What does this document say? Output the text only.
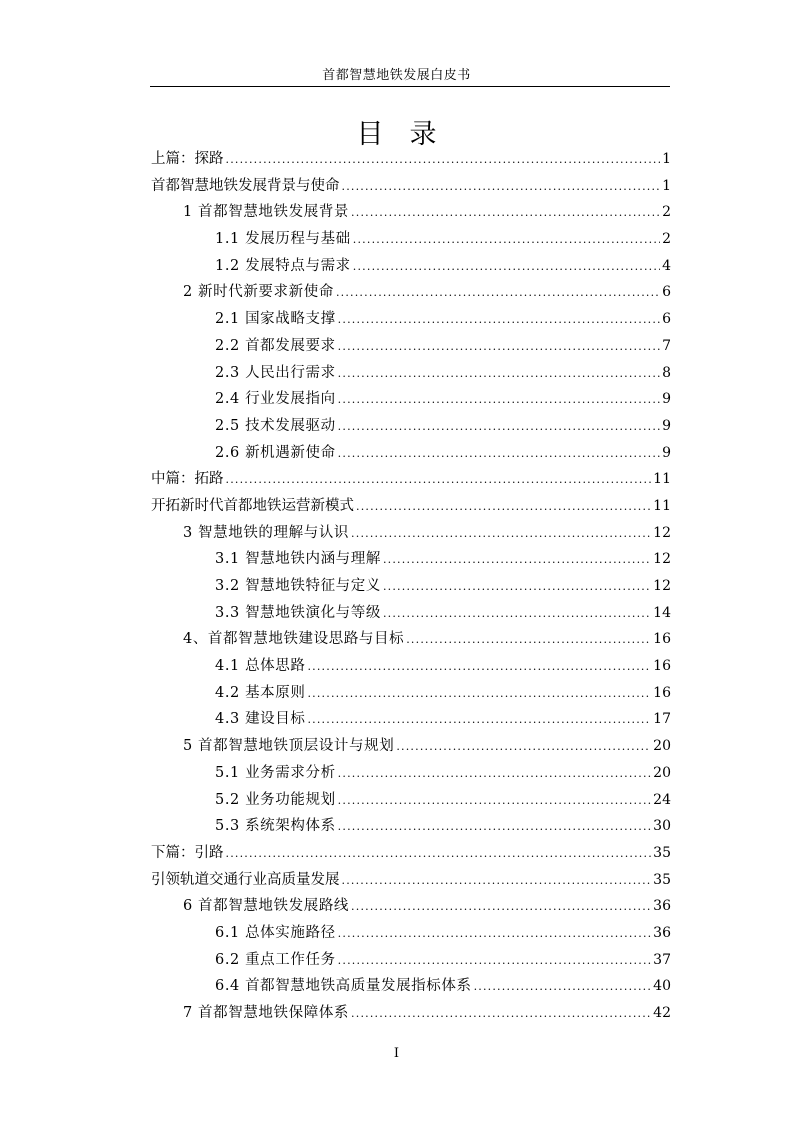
首都智慧地铁发展白皮书
目录
上篇：探路 .....	1
首都智慧地铁发展背景与使命 .....	1
1 首都智慧地铁发展背景 .....	2
1.1 发展历程与基础 .....	2
1.2 发展特点与需求 .....	4
2 新时代新要求新使命 .....	6
2.1 国家战略支撑 .....	6
2.2 首都发展要求 .....	7
2.3 人民出行需求 .....	8
2.4 行业发展指向 .....	9
2.5 技术发展驱动 .....	9
2.6 新机遇新使命 .....	9
中篇：拓路 .....	11
开拓新时代首都地铁运营新模式 .....	11
3 智慧地铁的理解与认识 .....	12
3.1 智慧地铁内涵与理解 .....	12
3.2 智慧地铁特征与定义 .....	12
3.3 智慧地铁演化与等级 .....	14
4、首都智慧地铁建设思路与目标 .....	16
4.1 总体思路 .....	16
4.2 基本原则 .....	16
4.3 建设目标 .....	17
5 首都智慧地铁顶层设计与规划 .....	20
5.1 业务需求分析 .....	20
5.2 业务功能规划 .....	24
5.3 系统架构体系 .....	30
下篇：引路 .....	35
引领轨道交通行业高质量发展 .....	35
6 首都智慧地铁发展路线 .....	36
6.1 总体实施路径 .....	36
6.2 重点工作任务 .....	37
6.4 首都智慧地铁高质量发展指标体系 .....	40
7 首都智慧地铁保障体系 .....	42
I
